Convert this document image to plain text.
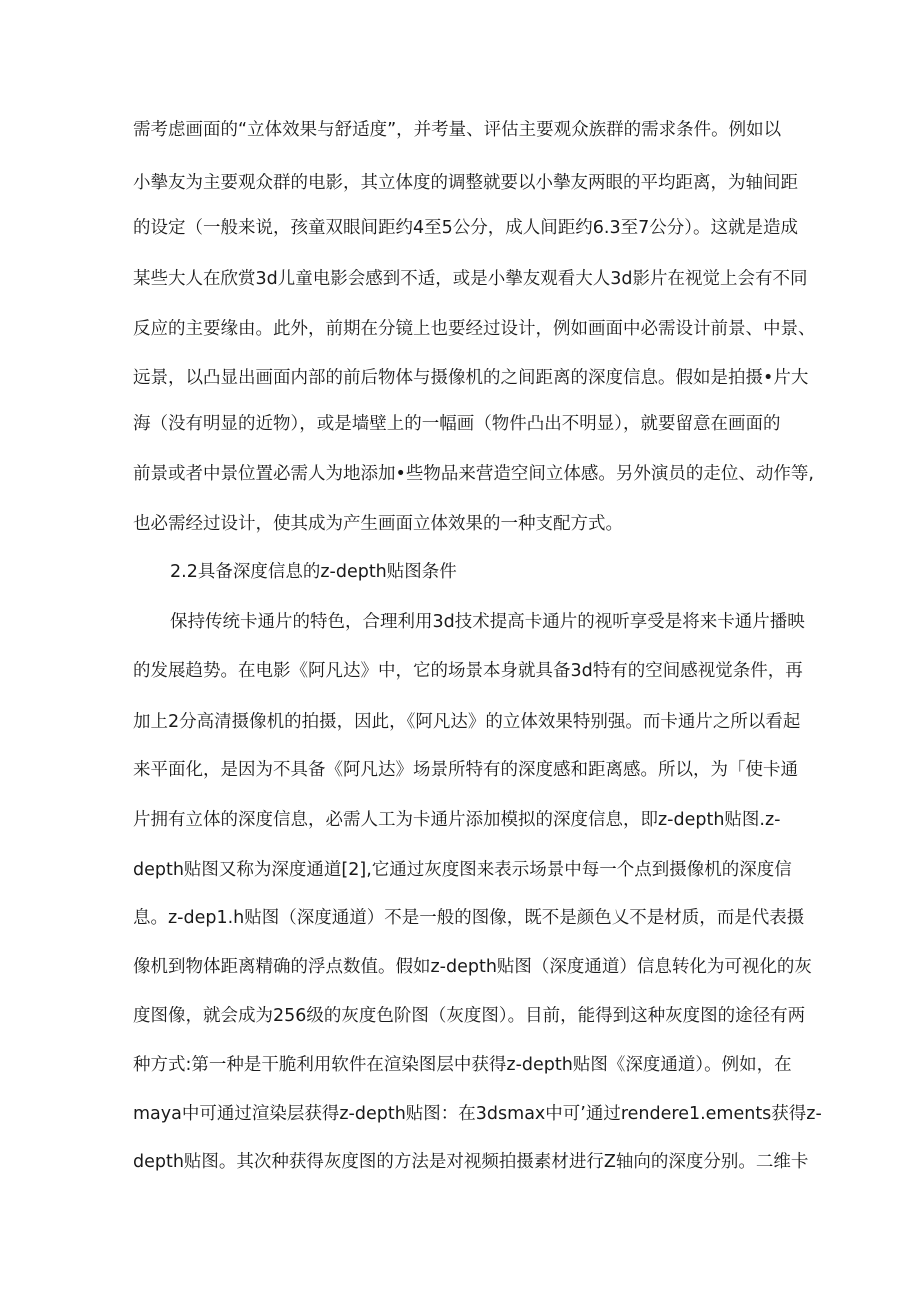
需考虑画面的“立体效果与舒适度”，并考量、评估主要观众族群的需求条件。例如以
小摰友为主要观众群的电影，其立体度的调整就要以小摰友两眼的平均距离，为轴间距
的设定（一般来说，孩童双眼间距约4至5公分，成人间距约6.3至7公分）。这就是造成
某些大人在欣赏3d儿童电影会感到不适，或是小摰友观看大人3d影片在视觉上会有不同
反应的主要缘由。此外，前期在分镜上也要经过设计，例如画面中必需设计前景、中景、
远景，以凸显出画面内部的前后物体与摄像机的之间距离的深度信息。假如是拍摄•片大
海（没有明显的近物），或是墙壁上的一幅画（物件凸出不明显），就要留意在画面的
前景或者中景位置必需人为地添加•些物品来营造空间立体感。另外演员的走位、动作等,
也必需经过设计，使其成为产生画面立体效果的一种支配方式。
2.2具备深度信息的z-depth贴图条件
保持传统卡通片的特色，合理利用3d技术提高卡通片的视听享受是将来卡通片播映
的发展趋势。在电影《阿凡达》中，它的场景本身就具备3d特有的空间感视觉条件，再
加上2分高清摄像机的拍摄，因此，《阿凡达》的立体效果特别强。而卡通片之所以看起
来平面化，是因为不具备《阿凡达》场景所特有的深度感和距离感。所以，为「使卡通
片拥有立体的深度信息，必需人工为卡通片添加模拟的深度信息，即z-depth贴图.z-
depth贴图又称为深度通道[2],它通过灰度图来表示场景中每一个点到摄像机的深度信
息。z-dep1.h贴图（深度通道）不是一般的图像，既不是颜色乂不是材质，而是代表摄
像机到物体距离精确的浮点数值。假如z-depth贴图（深度通道）信息转化为可视化的灰
度图像，就会成为256级的灰度色阶图（灰度图）。目前，能得到这种灰度图的途径有两
种方式:第一种是干脆利用软件在渲染图层中获得z-depth贴图《深度通道）。例如，在
maya中可通过渲染层获得z-depth贴图：在3dsmax中可’通过rendere1.ements获得z-
depth贴图。其次种获得灰度图的方法是对视频拍摄素材进行Z轴向的深度分别。二维卡
